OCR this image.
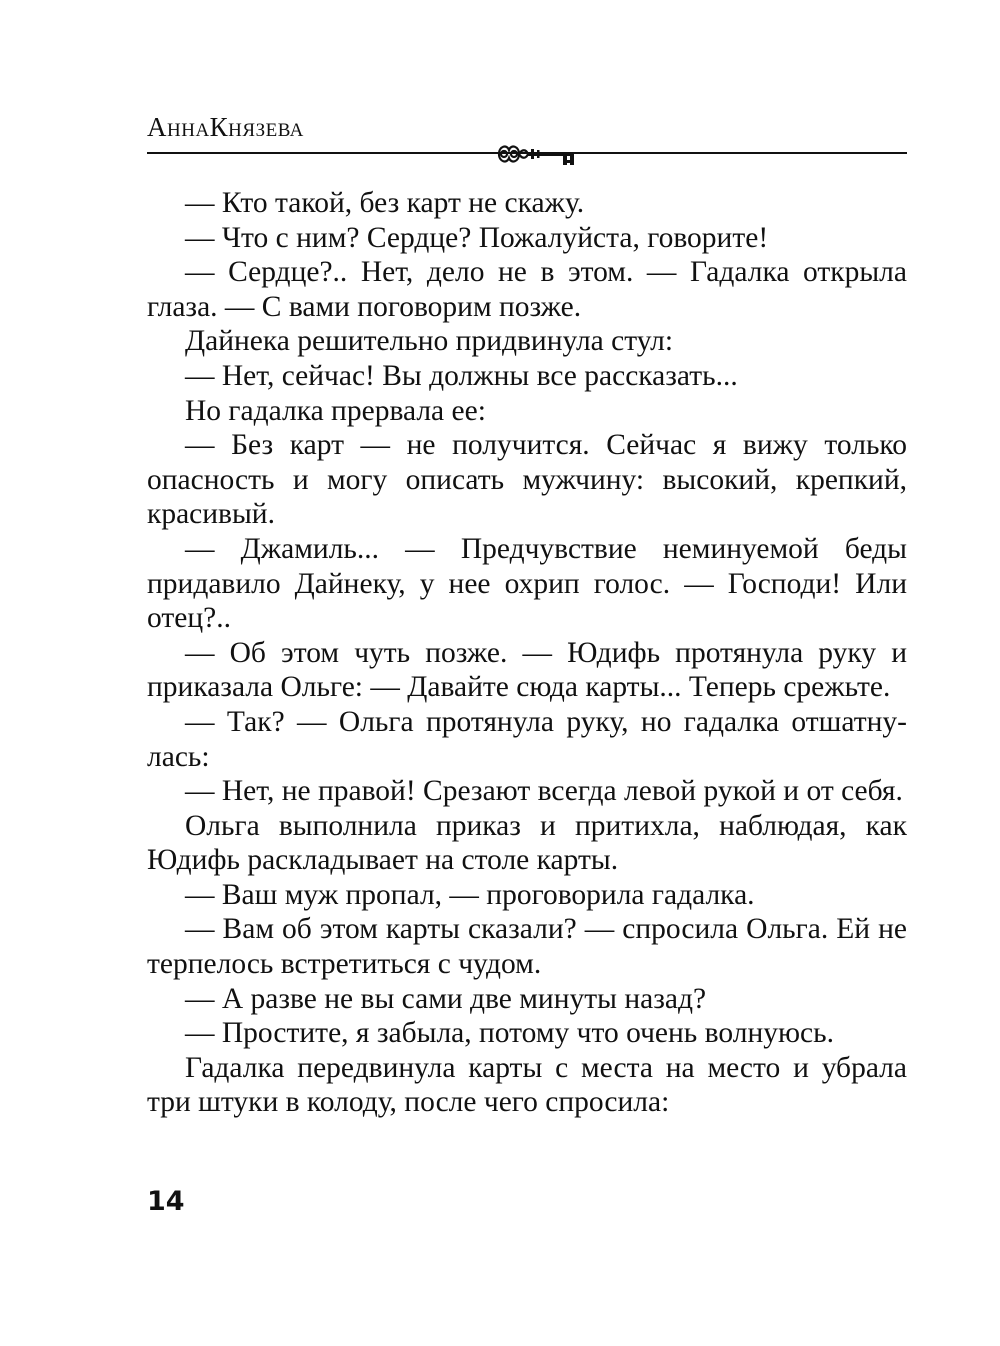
АннаКнязева

— Кто такой, без карт не скажу.

— Что с ним? Сердце? Пожалуйста, говорите!

— Сердце?.. Нет, дело не в этом. — Гадалка открыла глаза. — С вами поговорим позже.

Дайнека решительно придвинула стул:

— Нет, сейчас! Вы должны все рассказать...

Но гадалка прервала ее:

— Без карт — не получится. Сейчас я вижу только опасность и могу описать мужчину: высокий, крепкий, красивый.

— Джамиль... — Предчувствие неминуемой беды придавило Дайнеку, у нее охрип голос. — Господи! Или отец?..

— Об этом чуть позже. — Юдифь протянула руку и приказала Ольге: — Давайте сюда карты... Теперь срежьте.

— Так? — Ольга протянула руку, но гадалка отшатнулась:

— Нет, не правой! Срезают всегда левой рукой и от себя.

Ольга выполнила приказ и притихла, наблюдая, как Юдифь раскладывает на столе карты.

— Ваш муж пропал, — проговорила гадалка.

— Вам об этом карты сказали? — спросила Ольга. Ей не терпелось встретиться с чудом.

— А разве не вы сами две минуты назад?

— Простите, я забыла, потому что очень волнуюсь.

Гадалка передвинула карты с места на место и убрала три штуки в колоду, после чего спросила:

14
